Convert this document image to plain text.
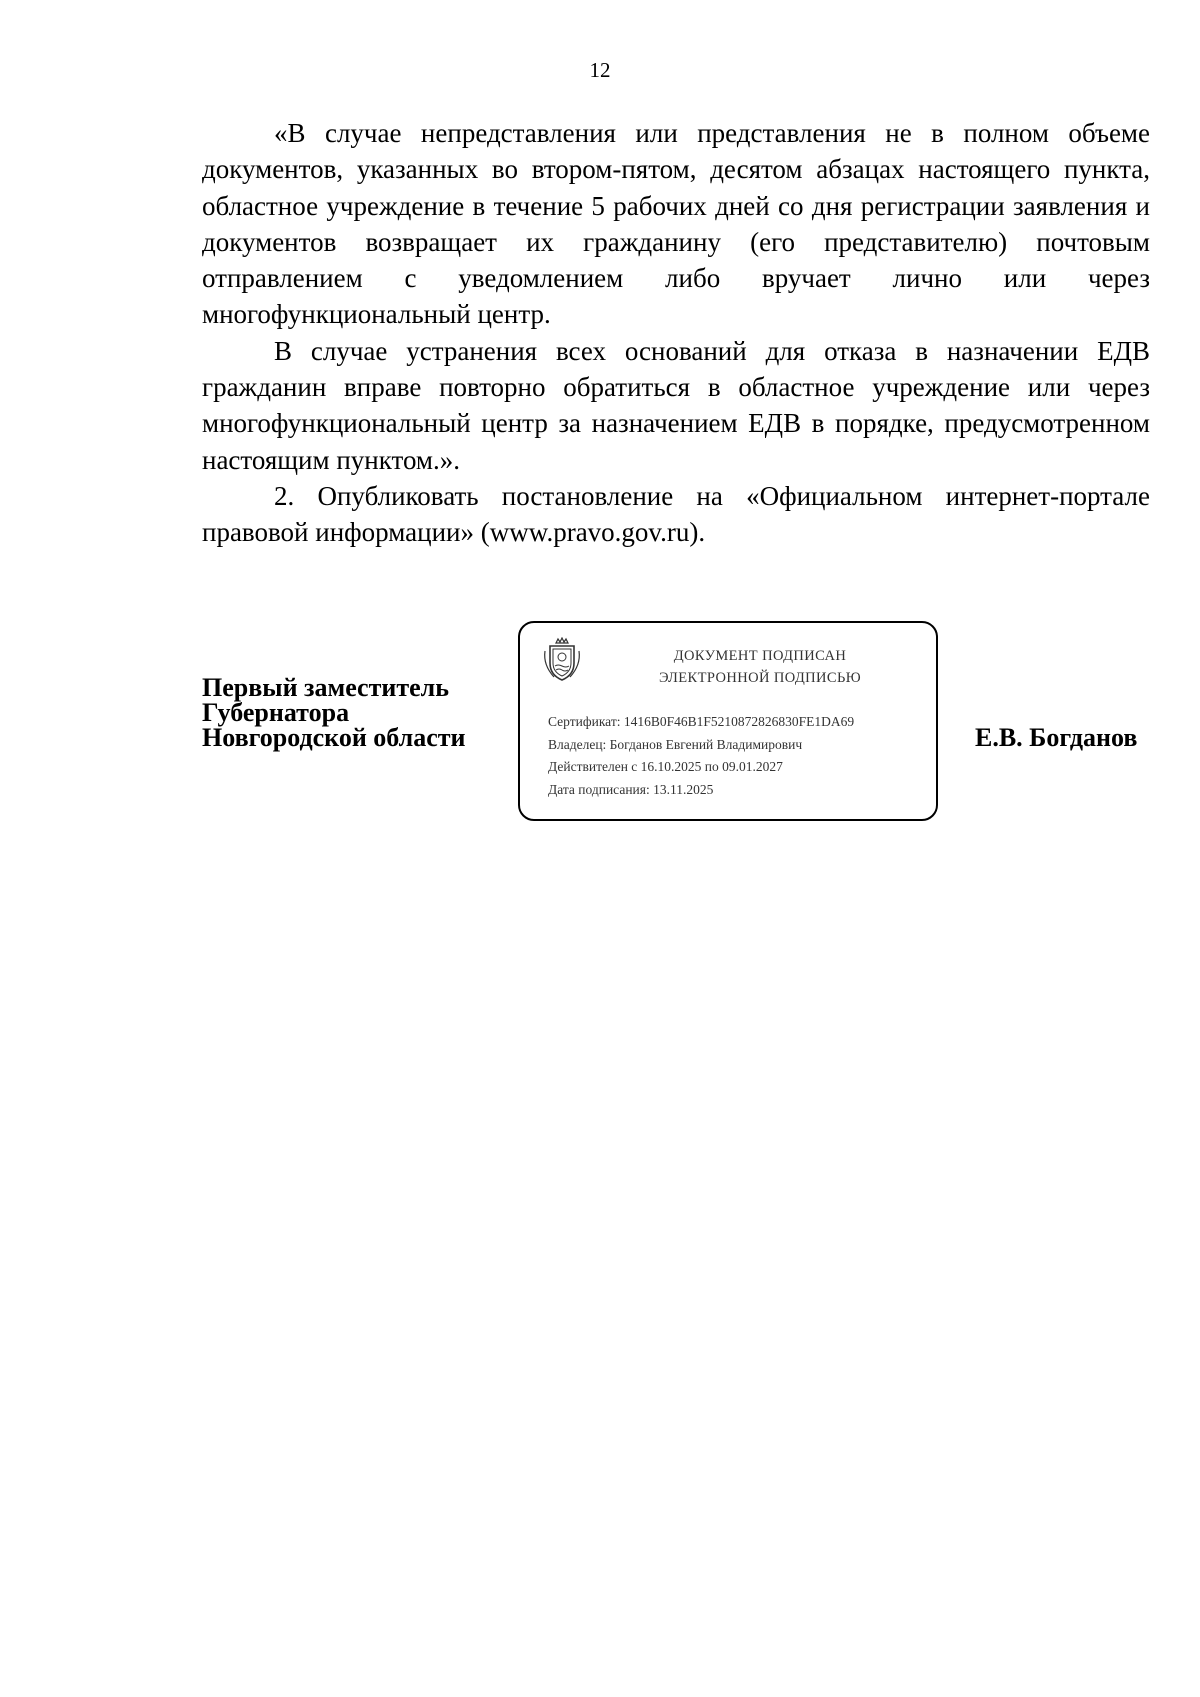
12

«В случае непредставления или представления не в полном объеме документов, указанных во втором-пятом, десятом абзацах настоящего пункта, областное учреждение в течение 5 рабочих дней со дня регистрации заявления и документов возвращает их гражданину (его представителю) почтовым отправлением с уведомлением либо вручает лично или через многофункциональный центр.

В случае устранения всех оснований для отказа в назначении ЕДВ гражданин вправе повторно обратиться в областное учреждение или через многофункциональный центр за назначением ЕДВ в порядке, предусмотренном настоящим пунктом.».

2. Опубликовать постановление на «Официальном интернет-портале правовой информации» (www.pravo.gov.ru).

Первый заместитель
Губернатора
Новгородской области
ДОКУМЕНТ ПОДПИСАН
ЭЛЕКТРОННОЙ ПОДПИСЬЮ
Сертификат: 1416B0F46B1F5210872826830FE1DA69
Владелец: Богданов Евгений Владимирович
Действителен с 16.10.2025 по 09.01.2027
Дата подписания: 13.11.2025
Е.В. Богданов
